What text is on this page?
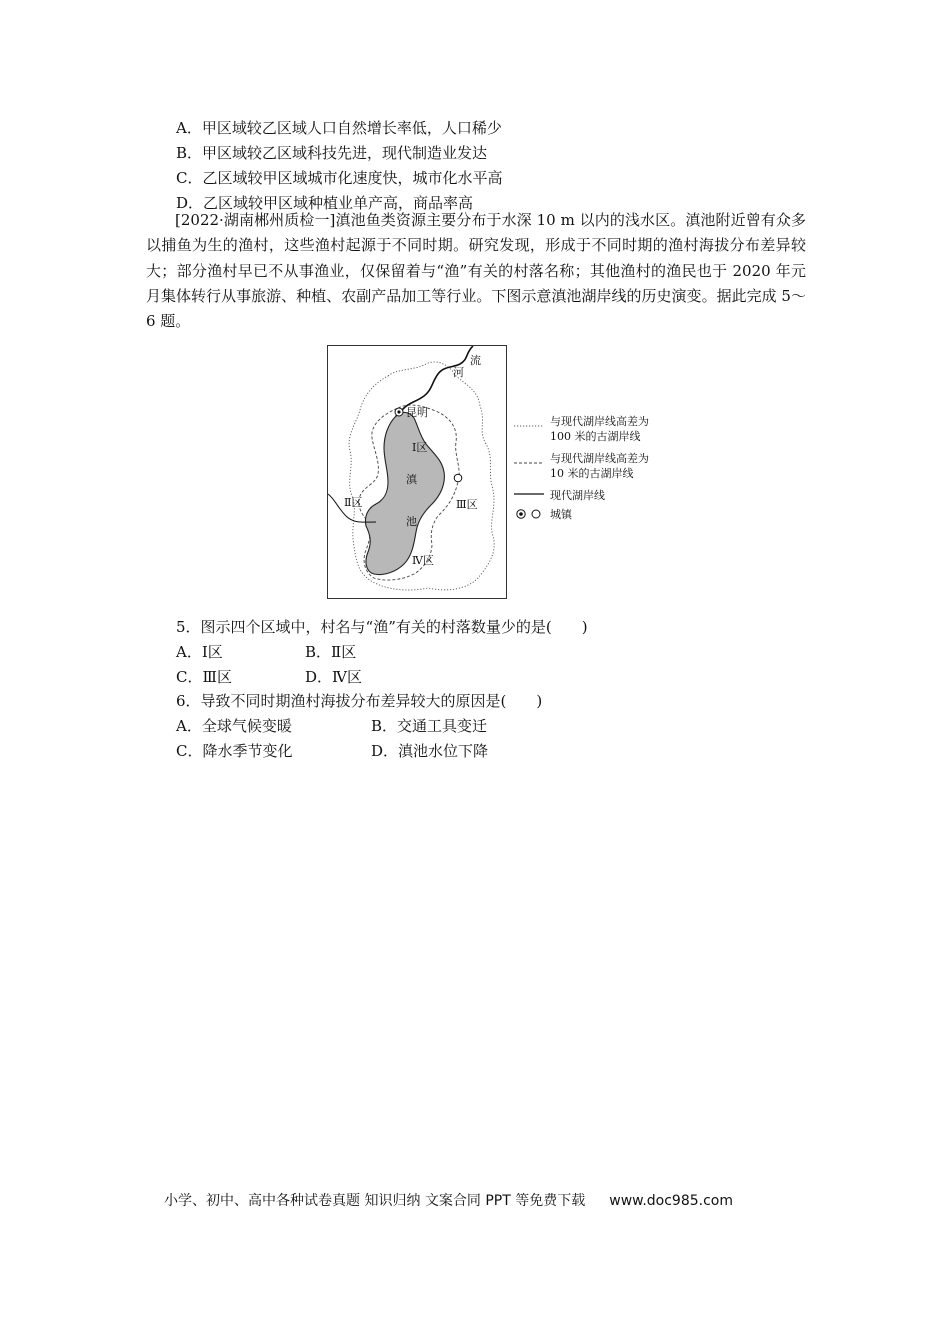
A．甲区域较乙区域人口自然增长率低，人口稀少
B．甲区域较乙区域科技先进，现代制造业发达
C．乙区域较甲区域城市化速度快，城市化水平高
D．乙区域较甲区域种植业单产高，商品率高
[2022·湖南郴州质检一]滇池鱼类资源主要分布于水深 10 m 以内的浅水区。滇池附近曾有众多以捕鱼为生的渔村，这些渔村起源于不同时期。研究发现，形成于不同时期的渔村海拔分布差异较大；部分渔村早已不从事渔业，仅保留着与“渔”有关的村落名称；其他渔村的渔民也于 2020 年元月集体转行从事旅游、种植、农副产品加工等行业。下图示意滇池湖岸线的历史演变。据此完成 5～6 题。
流
河
昆明
Ⅰ区
滇
池
Ⅱ区	Ⅲ区
Ⅳ区
与现代湖岸线高差为
100 米的古湖岸线
与现代湖岸线高差为
10 米的古湖岸线
现代湖岸线
城镇
5．图示四个区域中，村名与“渔”有关的村落数量少的是(　　)
A．Ⅰ区	B．Ⅱ区
C．Ⅲ区	D．Ⅳ区
6．导致不同时期渔村海拔分布差异较大的原因是(　　)
A．全球气候变暖	B．交通工具变迁
C．降水季节变化	D．滇池水位下降
小学、初中、高中各种试卷真题 知识归纳 文案合同 PPT 等免费下载 www.doc985.com
